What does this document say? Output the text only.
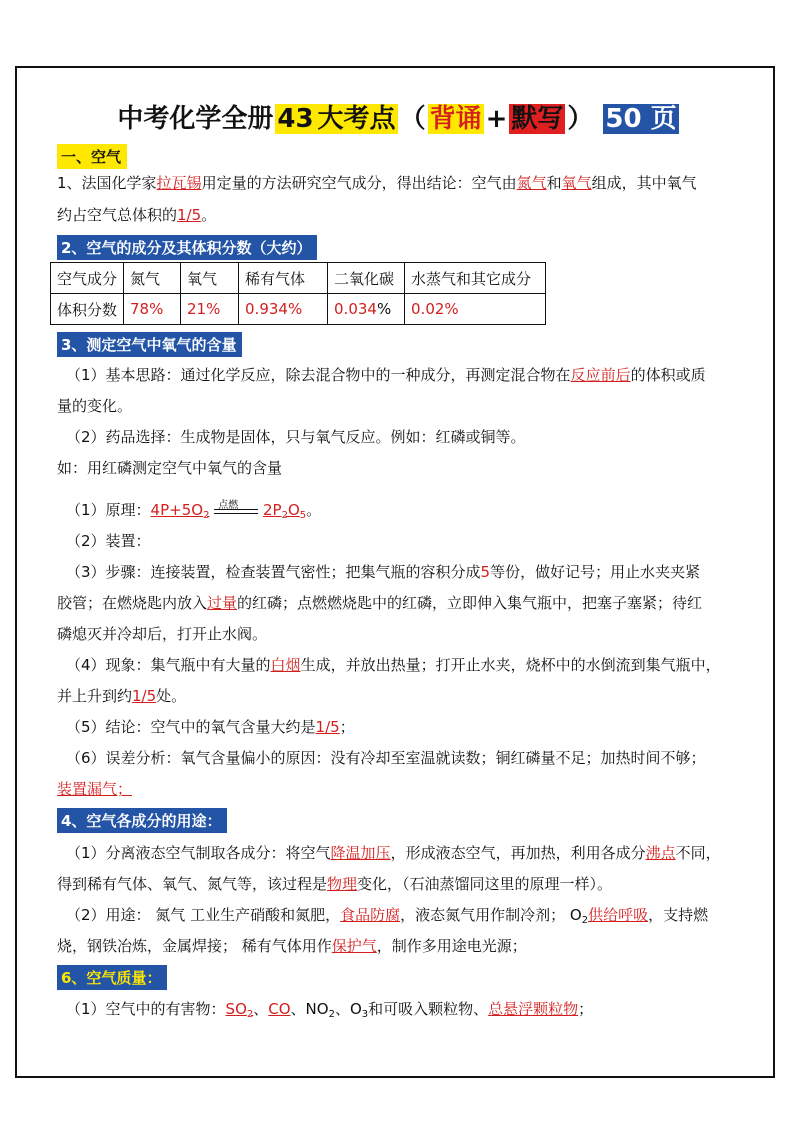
中考化学全册 43 大考点 （ 背诵 + 默写 ） 50 页
一、空气
1、法国化学家拉瓦锡用定量的方法研究空气成分，得出结论：空气由氮气和氧气组成，其中氧气
约占空气总体积的1/5。
2、空气的成分及其体积分数（大约）
空气成分	氮气	氧气	稀有气体	二氧化碳	水蒸气和其它成分
体积分数	78%	21%	0.934%	0.034%	0.02%
3、测定空气中氧气的含量
（1）基本思路：通过化学反应，除去混合物中的一种成分，再测定混合物在反应前后的体积或质
量的变化。
（2）药品选择：生成物是固体，只与氧气反应。例如：红磷或铜等。
如：用红磷测定空气中氧气的含量
（1）原理：$4P+5O_2$
点燃 $2P_2O_5$。
（2）装置：
（3）步骤：连接装置，检查装置气密性；把集气瓶的容积分成5等份，做好记号；用止水夹夹紧
胶管；在燃烧匙内放入过量的红磷；点燃燃烧匙中的红磷，立即伸入集气瓶中，把塞子塞紧；待红
磷熄灭并冷却后，打开止水阀。
（4）现象：集气瓶中有大量的白烟生成，并放出热量；打开止水夹，烧杯中的水倒流到集气瓶中，
并上升到约1/5处。
（5）结论：空气中的氧气含量大约是1/5；
（6）误差分析：氧气含量偏小的原因：没有冷却至室温就读数；铜红磷量不足；加热时间不够；
装置漏气；
4、空气各成分的用途：
（1）分离液态空气制取各成分：将空气降温加压，形成液态空气，再加热，利用各成分沸点不同，
得到稀有气体、氧气、氮气等，该过程是物理变化，（石油蒸馏同这里的原理一样）。
（2）用途： 氮气 工业生产硝酸和氮肥，食品防腐，液态氮气用作制冷剂； $O_2$供给呼吸，支持燃
烧，钢铁冶炼，金属焊接； 稀有气体用作保护气，制作多用途电光源；
6、空气质量：
（1）空气中的有害物：$SO_2$、CO、$NO_2$、$O_3$和可吸入颗粒物、总悬浮颗粒物；
